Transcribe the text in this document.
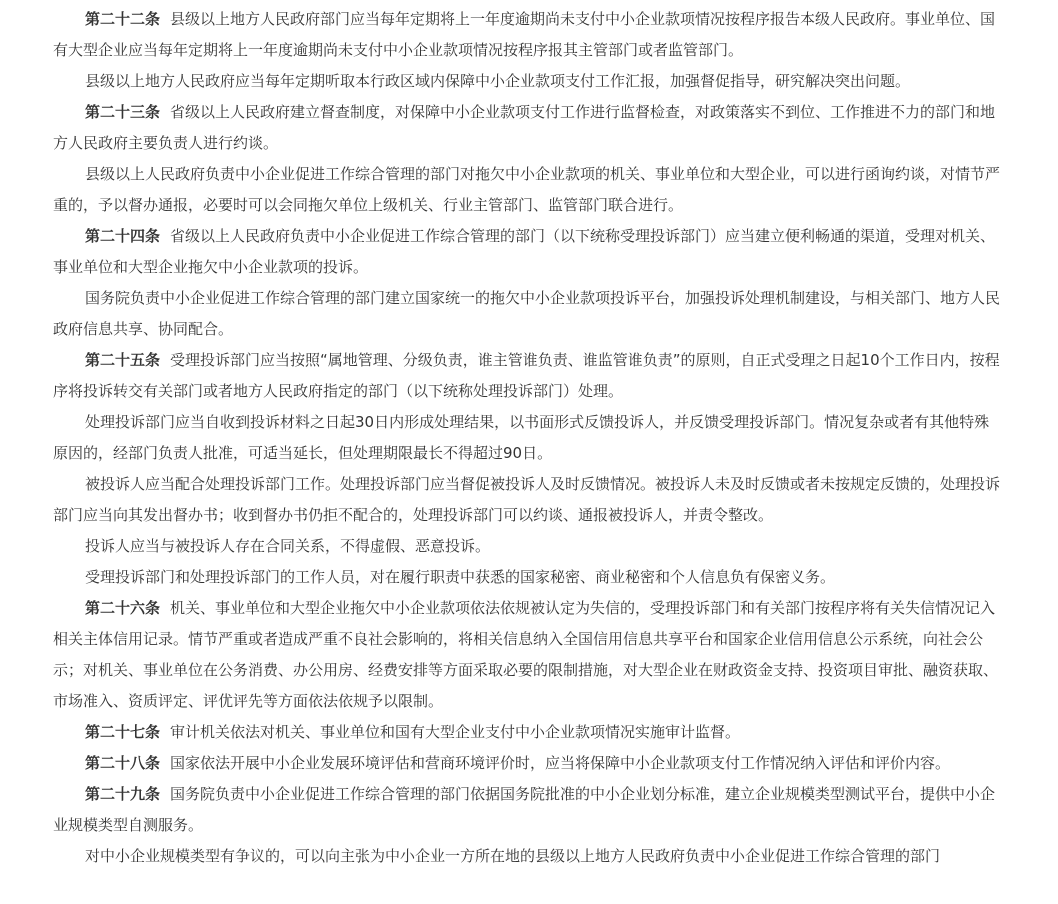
第二十二条 县级以上地方人民政府部门应当每年定期将上一年度逾期尚未支付中小企业款项情况按程序报告本级人民政府。事业单位、国有大型企业应当每年定期将上一年度逾期尚未支付中小企业款项情况按程序报其主管部门或者监管部门。

县级以上地方人民政府应当每年定期听取本行政区域内保障中小企业款项支付工作汇报，加强督促指导，研究解决突出问题。

第二十三条 省级以上人民政府建立督查制度，对保障中小企业款项支付工作进行监督检查，对政策落实不到位、工作推进不力的部门和地方人民政府主要负责人进行约谈。

县级以上人民政府负责中小企业促进工作综合管理的部门对拖欠中小企业款项的机关、事业单位和大型企业，可以进行函询约谈，对情节严重的，予以督办通报，必要时可以会同拖欠单位上级机关、行业主管部门、监管部门联合进行。

第二十四条 省级以上人民政府负责中小企业促进工作综合管理的部门（以下统称受理投诉部门）应当建立便利畅通的渠道，受理对机关、事业单位和大型企业拖欠中小企业款项的投诉。

国务院负责中小企业促进工作综合管理的部门建立国家统一的拖欠中小企业款项投诉平台，加强投诉处理机制建设，与相关部门、地方人民政府信息共享、协同配合。

第二十五条 受理投诉部门应当按照“属地管理、分级负责，谁主管谁负责、谁监管谁负责”的原则，自正式受理之日起10个工作日内，按程序将投诉转交有关部门或者地方人民政府指定的部门（以下统称处理投诉部门）处理。

处理投诉部门应当自收到投诉材料之日起30日内形成处理结果，以书面形式反馈投诉人，并反馈受理投诉部门。情况复杂或者有其他特殊原因的，经部门负责人批准，可适当延长，但处理期限最长不得超过90日。

被投诉人应当配合处理投诉部门工作。处理投诉部门应当督促被投诉人及时反馈情况。被投诉人未及时反馈或者未按规定反馈的，处理投诉部门应当向其发出督办书；收到督办书仍拒不配合的，处理投诉部门可以约谈、通报被投诉人，并责令整改。

投诉人应当与被投诉人存在合同关系，不得虚假、恶意投诉。

受理投诉部门和处理投诉部门的工作人员，对在履行职责中获悉的国家秘密、商业秘密和个人信息负有保密义务。

第二十六条 机关、事业单位和大型企业拖欠中小企业款项依法依规被认定为失信的，受理投诉部门和有关部门按程序将有关失信情况记入相关主体信用记录。情节严重或者造成严重不良社会影响的，将相关信息纳入全国信用信息共享平台和国家企业信用信息公示系统，向社会公示；对机关、事业单位在公务消费、办公用房、经费安排等方面采取必要的限制措施，对大型企业在财政资金支持、投资项目审批、融资获取、市场准入、资质评定、评优评先等方面依法依规予以限制。

第二十七条 审计机关依法对机关、事业单位和国有大型企业支付中小企业款项情况实施审计监督。

第二十八条 国家依法开展中小企业发展环境评估和营商环境评价时，应当将保障中小企业款项支付工作情况纳入评估和评价内容。

第二十九条 国务院负责中小企业促进工作综合管理的部门依据国务院批准的中小企业划分标准，建立企业规模类型测试平台，提供中小企业规模类型自测服务。

对中小企业规模类型有争议的，可以向主张为中小企业一方所在地的县级以上地方人民政府负责中小企业促进工作综合管理的部门
